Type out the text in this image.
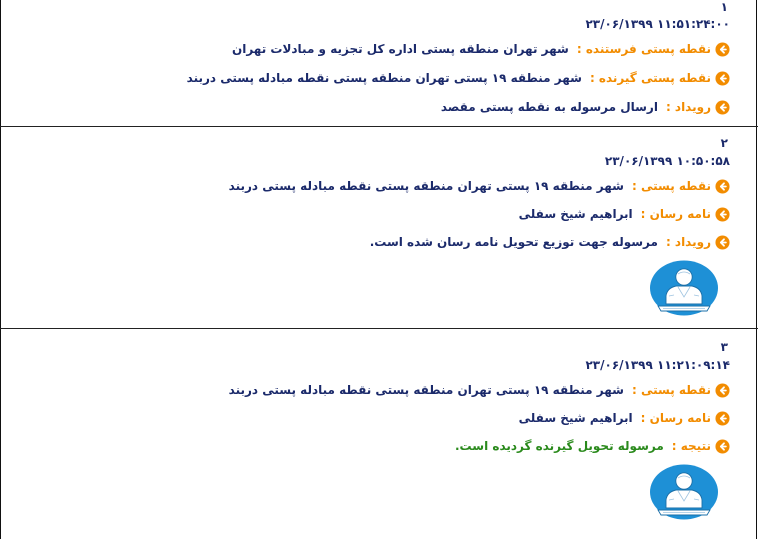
۱
۲۳/۰۶/۱۳۹۹ ۱۱:۵۱:۲۴:۰۰
نقطه پستی فرستنده :
شهر تهران منطقه پستی اداره کل تجزیه و مبادلات تهران
نقطه پستی گیرنده :
شهر منطقه ۱۹ پستی تهران منطقه پستی نقطه مبادله پستی دربند
رویداد :
ارسال مرسوله به نقطه پستی مقصد
۲
۲۳/۰۶/۱۳۹۹ ۱۰:۵۰:۵۸
نقطه پستی :
شهر منطقه ۱۹ پستی تهران منطقه پستی نقطه مبادله پستی دربند
نامه رسان :
ابراهیم شیخ سفلی
رویداد :
مرسوله جهت توزیع تحویل نامه رسان شده است.
۳
۲۳/۰۶/۱۳۹۹ ۱۱:۲۱:۰۹:۱۴
نقطه پستی :
شهر منطقه ۱۹ پستی تهران منطقه پستی نقطه مبادله پستی دربند
نامه رسان :
ابراهیم شیخ سفلی
نتیجه :
مرسوله تحویل گیرنده گردیده است.
